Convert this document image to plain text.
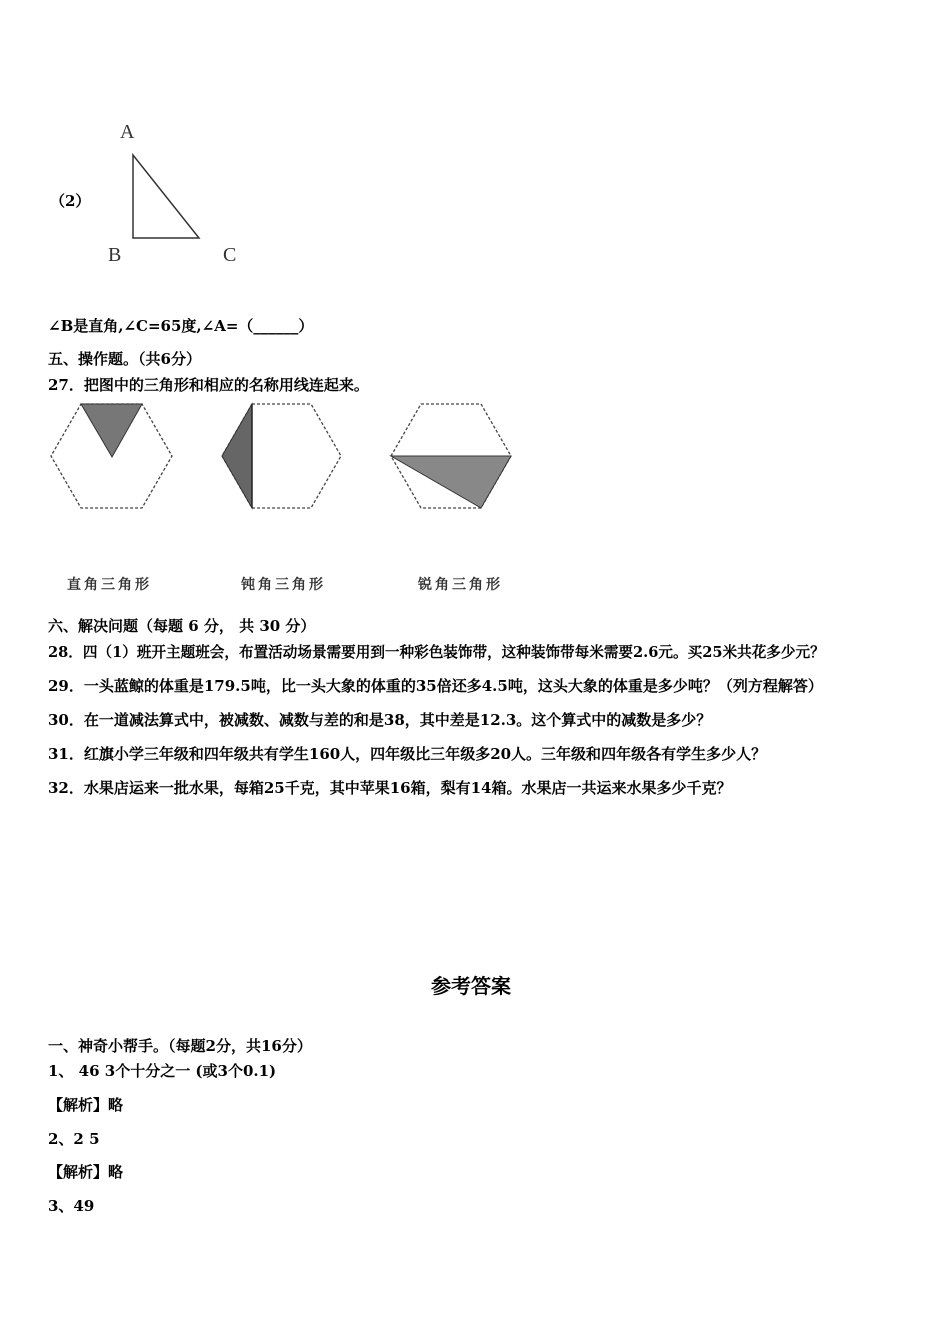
（2）
A
B	C
∠B是直角,∠C=65度,∠A=（______）
五、操作题。（共6分）
27．把图中的三角形和相应的名称用线连起来。
直角三角形	钝角三角形	锐角三角形
六、解决问题（每题 6 分， 共 30 分）
28．四（1）班开主题班会，布置活动场景需要用到一种彩色装饰带，这种装饰带每米需要2.6元。买25米共花多少元？
29．一头蓝鲸的体重是179.5吨，比一头大象的体重的35倍还多4.5吨，这头大象的体重是多少吨？（列方程解答）
30．在一道减法算式中，被减数、减数与差的和是38，其中差是12.3。这个算式中的减数是多少？
31．红旗小学三年级和四年级共有学生160人，四年级比三年级多20人。三年级和四年级各有学生多少人？
32．水果店运来一批水果，每箱25千克，其中苹果16箱，梨有14箱。水果店一共运来水果多少千克？
参考答案
一、神奇小帮手。（每题2分，共16分）
1、 46 3个十分之一 (或3个0.1)
【解析】略
2、2 5
【解析】略
3、49
